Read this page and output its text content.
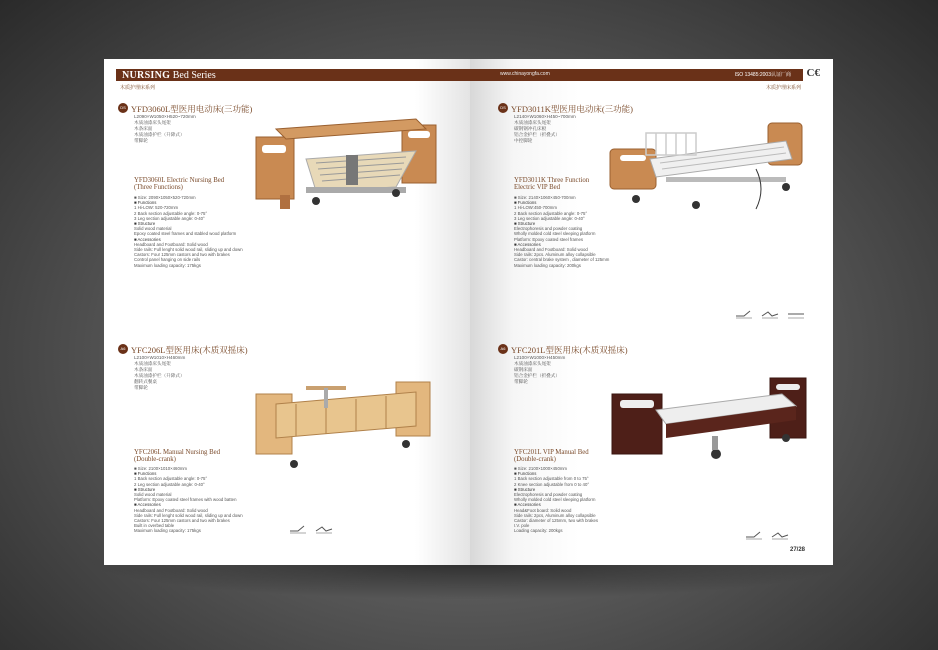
NURSING Bed Series
木质护理床系列
DS YFD3060L型医用电动床(三功能)
L2090×W1050×H520~720mm
木质油漆床头尾架
木条床面
木质油漆护栏（升降式）
带脚轮
YFD3060L Electric Nursing Bed
(Three Functions)
■ Size: 2090×1050×520-720mm
■ Functions
1 Hi-LOW: 520-720mm
2 Back section adjustable angle: 0-75°
3 Leg section adjustable angle: 0-40°
■ Structure
Solid wood material
Epoxy coated steel frames and stabled wood platform
■ Accessories
Headboard and Footboard: Solid wood
Side rails: Full lenght solid wood rail, sliding up and down
Castors: Four 125mm castors and two with brakes
Control panel hanging on side rails
Maximum loading capacity: 175kgs
A6 YFC206L型医用床(木质双摇床)
L2100×W1010×H460mm
木质油漆床头尾架
木条床面
木质油漆护栏（升降式）
翻转式餐桌
带脚轮
YFC206L Manual Nursing Bed
(Double-crank)
■ Size: 2100×1010×460mm
■ Functions
1 Back section adjustable angle: 0-75°
2 Leg section adjustable angle: 0-40°
■ Structure
Solid wood material
Platform: Epoxy coated steel frames with wood batten
■ Accessories
Headboard and Footboard: Solid wood
Side rails: Full lenght solid wood rail, sliding up and down
Castors: Four 125mm castors and two with brakes
Built in overbed table
Maximum loading capacity: 175kgs
www.chinayongfa.com	ISO 13485:2003认证厂商 C€
木质护理床系列
DS YFD3011K型医用电动床(三功能)
L2140×W1060×H450~700mm
木质油漆床头尾架
碳钢钢冲孔床板
铝合金护栏（折叠式）
中控脚轮
YFD3011K Three Function
Electric VIP Bed
■ Size: 2140×1060×450-700mm
■ Functions
1 Hi-LOW:450-700mm
2 Back section adjustable angle: 0-75°
3 Leg section adjustable angle: 0-40°
■ Structure
Electrophoresis and powder coating
Wholly molded cold steel sleeping platform
Platform: Epoxy coated steel frames
■ Accessories
Headboard and Footboard: Solid wood
Side rails: 2pcs. Aluminum alloy collapsible
Castor: central brake system , diameter of 125mm
Maximum loading capacity: 200kgs
A6 YFC201L型医用床(木质双摇床)
L2100×W1000×H450mm
木质油漆床头尾架
碳钢床面
铝合金护栏（折叠式）
带脚轮
YFC201L VIP Manual Bed
(Double-crank)
■ Size: 2100×1000×450mm
■ Functions
1 Back section adjustable from 0 to 75°
2 Knee section adjustable from 0 to 40°
■ Structure
Electrophoresis and powder coating
Wholly molded cold steel sleeping platform
■ Accessories
Head&Foot board: Solid wood
Side rails: 2pcs, Aluminum alloy collapsible
Castor: diameter of 125mm, two with brakes
I.V. pole
Loading capacity: 200kgs
27/28
